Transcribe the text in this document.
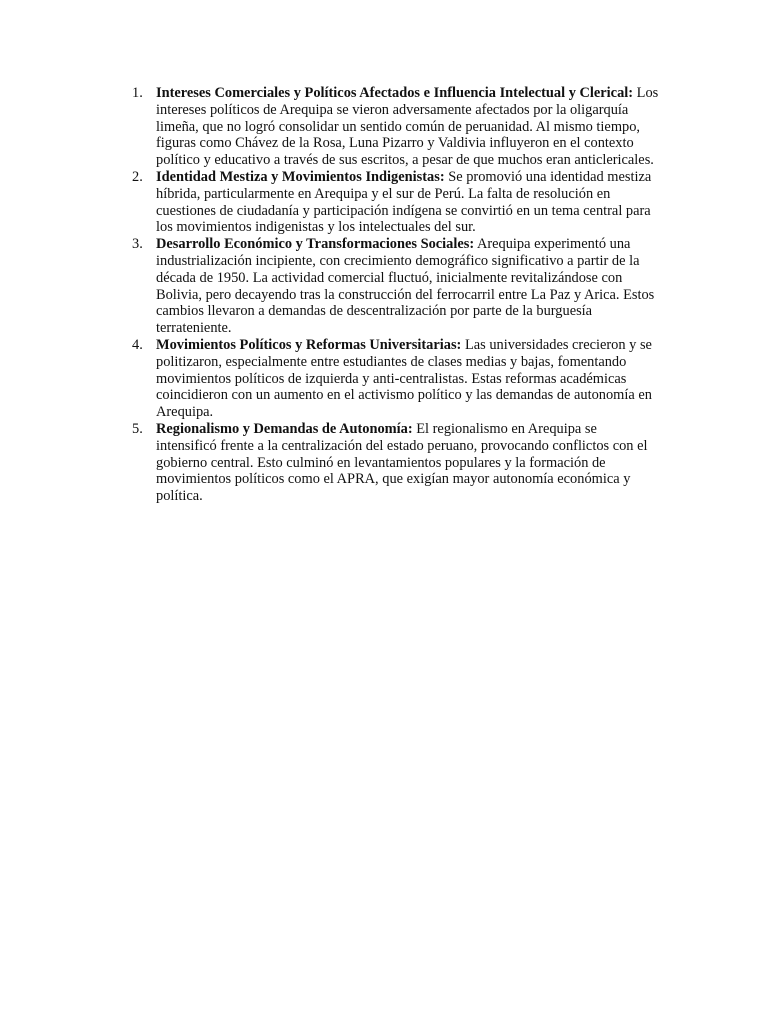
1. Intereses Comerciales y Políticos Afectados e Influencia Intelectual y Clerical: Los intereses políticos de Arequipa se vieron adversamente afectados por la oligarquía limeña, que no logró consolidar un sentido común de peruanidad. Al mismo tiempo, figuras como Chávez de la Rosa, Luna Pizarro y Valdivia influyeron en el contexto político y educativo a través de sus escritos, a pesar de que muchos eran anticlericales.
2. Identidad Mestiza y Movimientos Indigenistas: Se promovió una identidad mestiza híbrida, particularmente en Arequipa y el sur de Perú. La falta de resolución en cuestiones de ciudadanía y participación indígena se convirtió en un tema central para los movimientos indigenistas y los intelectuales del sur.
3. Desarrollo Económico y Transformaciones Sociales: Arequipa experimentó una industrialización incipiente, con crecimiento demográfico significativo a partir de la década de 1950. La actividad comercial fluctuó, inicialmente revitalizándose con Bolivia, pero decayendo tras la construcción del ferrocarril entre La Paz y Arica. Estos cambios llevaron a demandas de descentralización por parte de la burguesía terrateniente.
4. Movimientos Políticos y Reformas Universitarias: Las universidades crecieron y se politizaron, especialmente entre estudiantes de clases medias y bajas, fomentando movimientos políticos de izquierda y anti-centralistas. Estas reformas académicas coincidieron con un aumento en el activismo político y las demandas de autonomía en Arequipa.
5. Regionalismo y Demandas de Autonomía: El regionalismo en Arequipa se intensificó frente a la centralización del estado peruano, provocando conflictos con el gobierno central. Esto culminó en levantamientos populares y la formación de movimientos políticos como el APRA, que exigían mayor autonomía económica y política.
